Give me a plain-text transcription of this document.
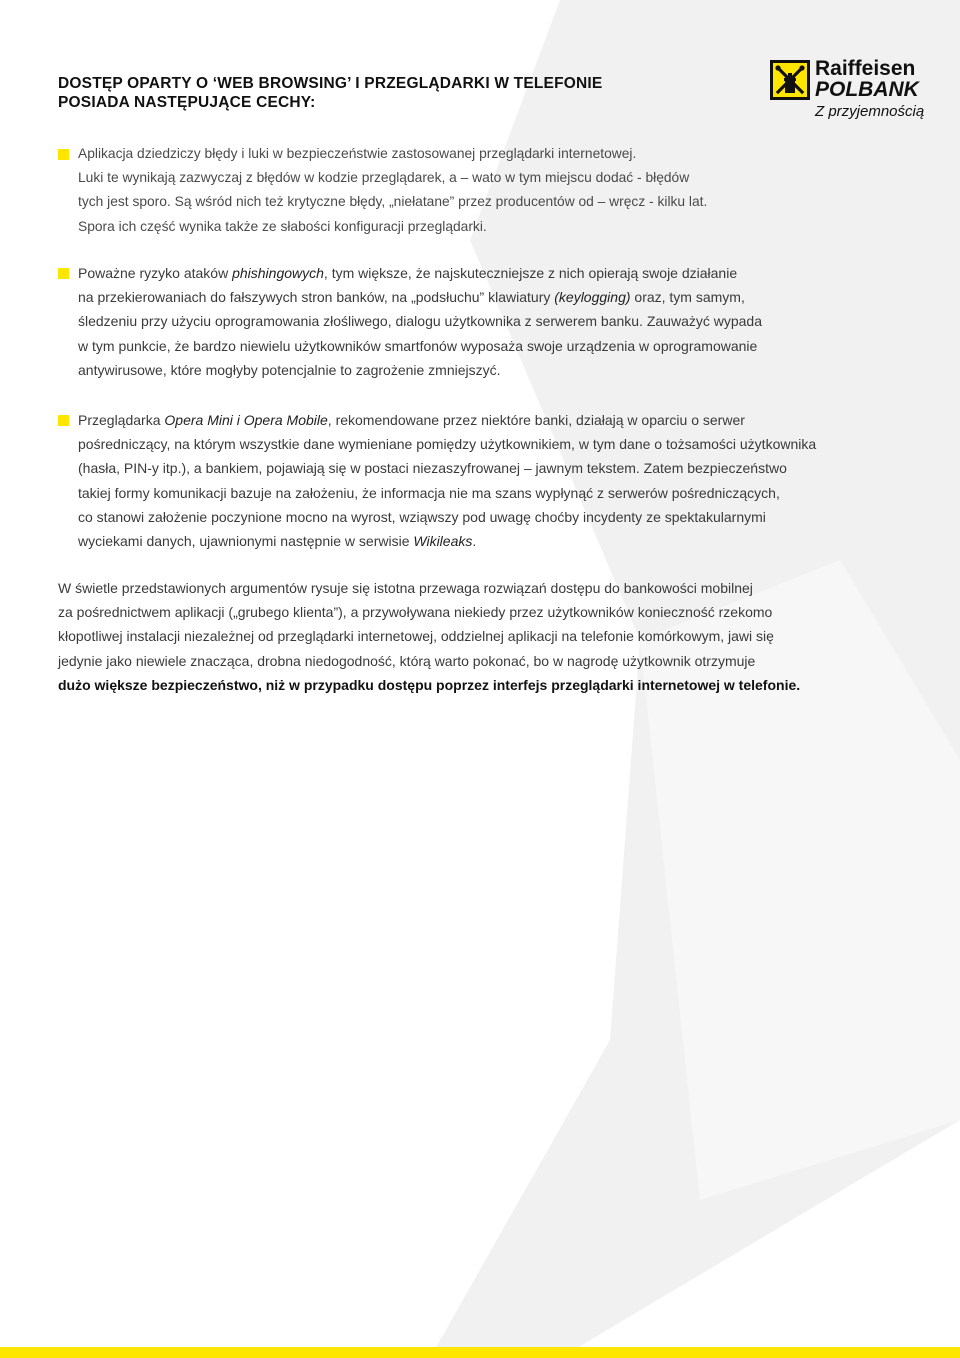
DOSTĘP OPARTY O ‘WEB BROWSING’ I PRZEGLĄDARKI W TELEFONIE
POSIADA NASTĘPUJĄCE CECHY:
Raiffeisen
POLBANK
Z przyjemnością
Aplikacja dziedziczy błędy i luki w bezpieczeństwie zastosowanej przeglądarki internetowej.
Luki te wynikają zazwyczaj z błędów w kodzie przeglądarek, a – wato w tym miejscu dodać - błędów
tych jest sporo. Są wśród nich też krytyczne błędy, „niełatane” przez producentów od – wręcz - kilku lat.
Spora ich część wynika także ze słabości konfiguracji przeglądarki.
Poważne ryzyko ataków phishingowych, tym większe, że najskuteczniejsze z nich opierają swoje działanie
na przekierowaniach do fałszywych stron banków, na „podsłuchu” klawiatury (keylogging) oraz, tym samym,
śledzeniu przy użyciu oprogramowania złośliwego, dialogu użytkownika z serwerem banku. Zauważyć wypada
w tym punkcie, że bardzo niewielu użytkowników smartfonów wyposaża swoje urządzenia w oprogramowanie
antywirusowe, które mogłyby potencjalnie to zagrożenie zmniejszyć.
Przeglądarka Opera Mini i Opera Mobile, rekomendowane przez niektóre banki, działają w oparciu o serwer
pośredniczący, na którym wszystkie dane wymieniane pomiędzy użytkownikiem, w tym dane o tożsamości użytkownika
(hasła, PIN-y itp.), a bankiem, pojawiają się w postaci niezaszyfrowanej – jawnym tekstem. Zatem bezpieczeństwo
takiej formy komunikacji bazuje na założeniu, że informacja nie ma szans wypłynąć z serwerów pośredniczących,
co stanowi założenie poczynione mocno na wyrost, wziąwszy pod uwagę choćby incydenty ze spektakularnymi
wyciekami danych, ujawnionymi następnie w serwisie Wikileaks.
W świetle przedstawionych argumentów rysuje się istotna przewaga rozwiązań dostępu do bankowości mobilnej
za pośrednictwem aplikacji („grubego klienta”), a przywoływana niekiedy przez użytkowników konieczność rzekomo
kłopotliwej instalacji niezależnej od przeglądarki internetowej, oddzielnej aplikacji na telefonie komórkowym, jawi się
jedynie jako niewiele znacząca, drobna niedogodność, którą warto pokonać, bo w nagrodę użytkownik otrzymuje
dużo większe bezpieczeństwo, niż w przypadku dostępu poprzez interfejs przeglądarki internetowej w telefonie.
